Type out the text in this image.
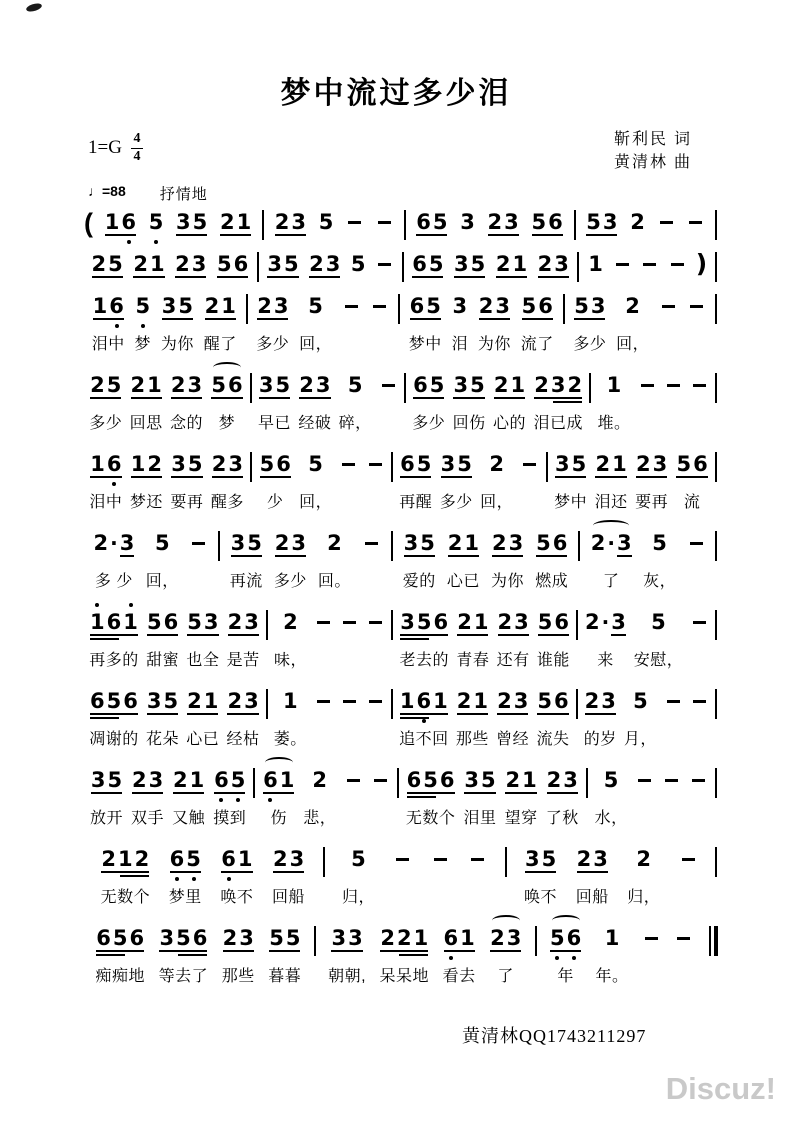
梦中流过多少泪
$1=G \frac{4}{4}$	靳利民 词
黄清林 曲
♩=88 抒情地
( 1 6 5 3 5 2 1 2 3 5	6 5 3 2 3 5 6 5 3 2
2 5 2 1 2 3 5 6 3 5 2 3 5 6 5 3 5 2 1 2 3 1	)
1 6
泪中
5
梦
3 5
为你
2 1
醒了
2 3
多少
5
回，

6 5
梦中
3
泪
2 3
为你
5 6
流了
5 3
多少
2
回，

2 5
多少
2 1
回思
2 3
念的
5 6
梦
3 5
早已
2 3
经破
5
碎，

6 5
多少
3 5
回伤
2 1
心的
2 3 2
泪已成
1
堆。

1 6
泪中
1 2
梦还
3 5
要再
2 3
醒多
5 6
少
5
回，

6 5
再醒
3 5
多少
2
回，

3 5
梦中
2 1
泪还
2 3
要再
5 6
流
2 · 3
多 少
5
回，

3 5
再流
2 3
多少
2
回。

3 5
爱的
2 1
心已
2 3
为你
5 6
燃成
2 · 3
了
5
灰，

1 6 1
再多的
5 6
甜蜜
5 3
也全
2 3
是苦
2
味，

3 5 6
老去的
2 1
青春
2 3
还有
5 6
谁能
2 · 3
来
5
安慰，

6 5 6
凋谢的
3 5
花朵
2 1
心已
2 3
经枯
1
萎。

1 6 1
追不回
2 1
那些
2 3
曾经
5 6
流失
2 3
的岁
5
月，

3 5
放开
2 3
双手
2 1
又触
6 5
摸到
6 1
伤
2
悲，

6 5 6
无数个
3 5
泪里
2 1
望穿
2 3
了秋
5
水，

2 1 2
无数个
6 5
梦里
6 1
唤不
2 3
回船
5
归，

3 5
唤不
2 3
回船
2
归，

6 5 6
痴痴地
3 5 6
等去了
2 3
那些
5 5
暮暮
3 3
朝朝,
2 2 1
呆呆地
6 1
看去
2 3
了
5 6
年
1
年。

黄清林QQ1743211297
Discuz!
